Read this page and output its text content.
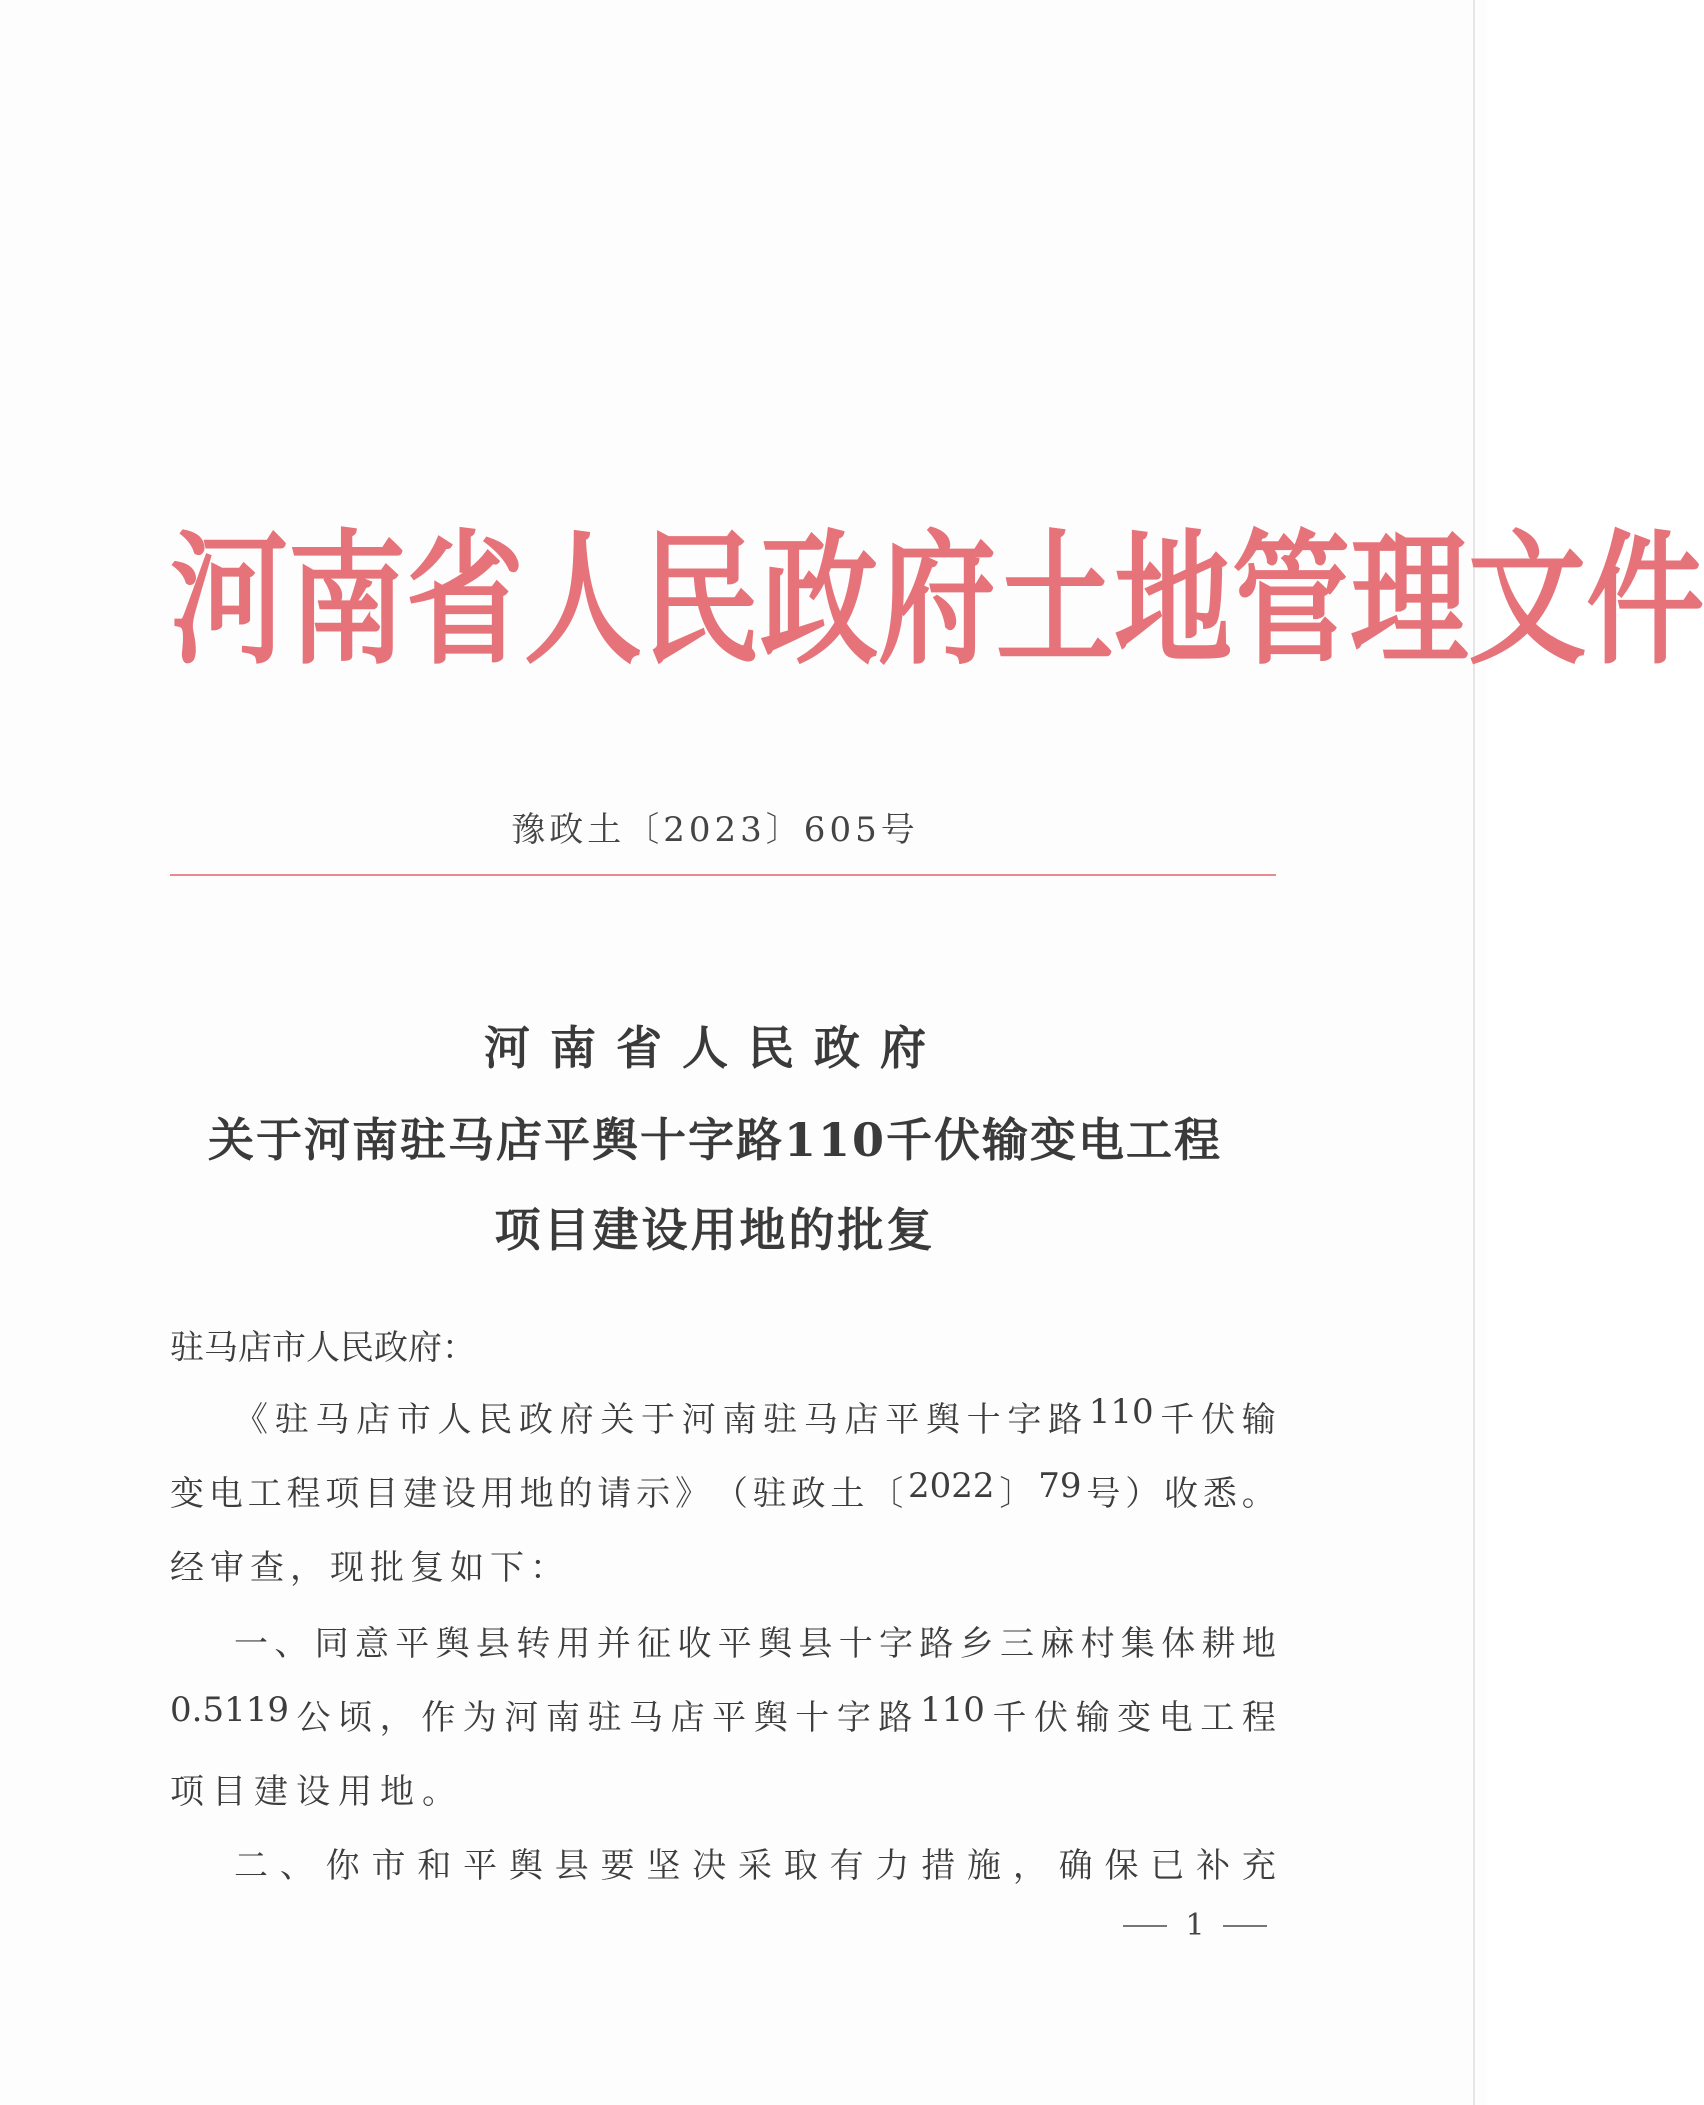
河 南 省 人 民 政 府 土 地 管 理 文 件
豫政土〔2023〕605号
河南省人民政府
关于河南驻马店平舆十字路110千伏输变电工程
项目建设用地的批复
驻马店市人民政府：
《 驻 马 店 市 人 民 政 府 关 于 河 南 驻 马 店 平 舆 十 字 路 110 千 伏 输
变 电 工 程 项 目 建 设 用 地 的 请 示 》 （ 驻 政 土 〔 2022 〕 79 号 ） 收 悉 。
经审查，现批复如下：
一 、 同 意 平 舆 县 转 用 并 征 收 平 舆 县 十 字 路 乡 三 麻 村 集 体 耕 地
0.5119 公 顷 ， 作 为 河 南 驻 马 店 平 舆 十 字 路 110 千 伏 输 变 电 工 程
项目建设用地。
二 、 你 市 和 平 舆 县 要 坚 决 采 取 有 力 措 施 ， 确 保 已 补 充
1
